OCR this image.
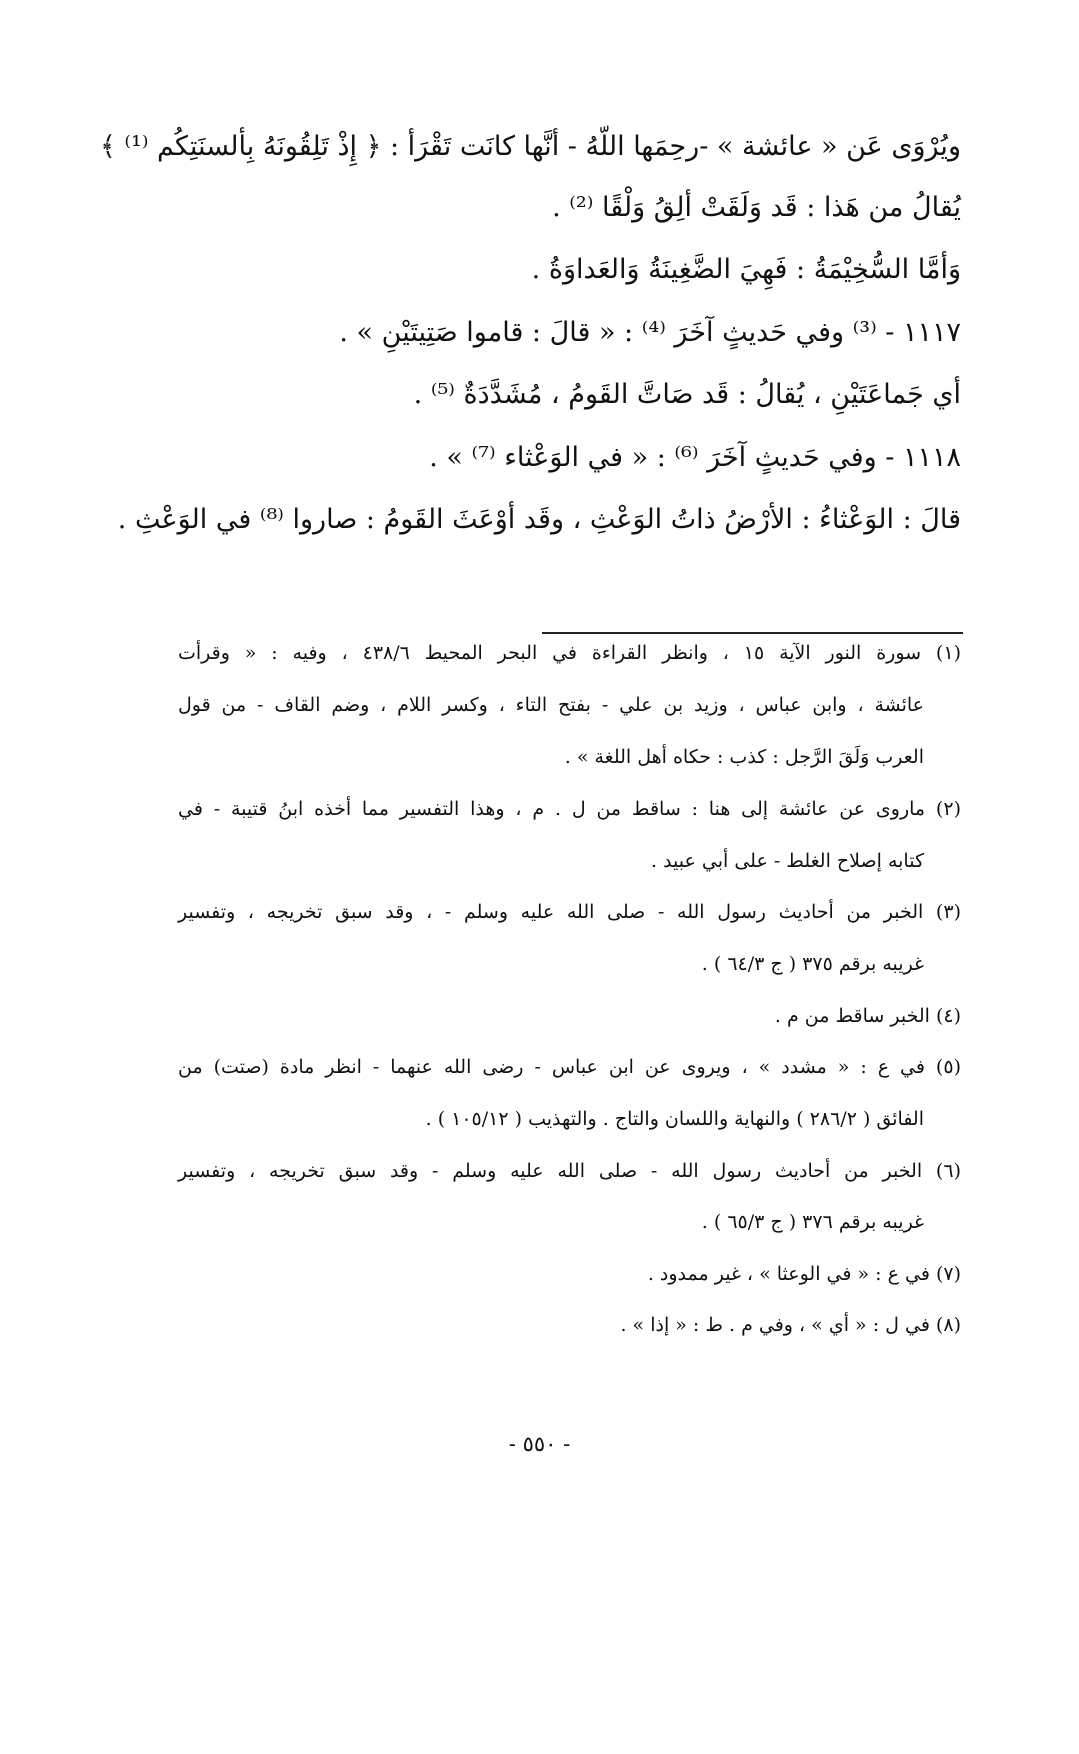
ويُرْوَى عَن « عائشة » -رحِمَها اللّهُ - أنَّها كانَت تَقْرَأ : ﴿ إِذْ تَلِقُونَهُ بِألسنَتِكُم ⁽¹⁾ ﴾
يُقالُ من هَذا : قَد وَلَقَتْ ألِقُ وَلْقًا ⁽²⁾ .
وَأمَّا السُّخِيْمَةُ : فَهِيَ الضَّغِينَةُ وَالعَداوَةُ .
١١١٧ - ⁽³⁾ وفي حَديثٍ آخَرَ ⁽⁴⁾ : « قالَ : قاموا صَتِيتَيْنِ » .
أي جَماعَتَيْنِ ، يُقالُ : قَد صَاتَّ القَومُ ، مُشَدَّدَةٌ ⁽⁵⁾ .
١١١٨ - وفي حَديثٍ آخَرَ ⁽⁶⁾ : « في الوَعْثاء ⁽⁷⁾ » .
قالَ : الوَعْثاءُ : الأرْضُ ذاتُ الوَعْثِ ، وقَد أوْعَثَ القَومُ : صاروا ⁽⁸⁾ في الوَعْثِ .
(١) سورة النور الآية ١٥ ، وانظر القراءة في البحر المحيط ٤٣٨/٦ ، وفيه : « وقرأت
عائشة ، وابن عباس ، وزيد بن علي - بفتح التاء ، وكسر اللام ، وضم القاف - من قول
العرب وَلَقَ الرَّجل : كذب : حكاه أهل اللغة » .
(٢) ماروى عن عائشة إلى هنا : ساقط من ل . م ، وهذا التفسير مما أخذه ابنُ قتيبة - في
كتابه إصلاح الغلط - على أبي عبيد .
(٣) الخبر من أحاديث رسول الله - صلى الله عليه وسلم - ، وقد سبق تخريجه ، وتفسير
غريبه برقم ٣٧٥ ( ج ٦٤/٣ ) .
(٤) الخبر ساقط من م .
(٥) في ع : « مشدد » ، ويروى عن ابن عباس - رضى الله عنهما - انظر مادة (صتت) من
الفائق ( ٢٨٦/٢ ) والنهاية واللسان والتاج . والتهذيب ( ١٠٥/١٢ ) .
(٦) الخبر من أحاديث رسول الله - صلى الله عليه وسلم - وقد سبق تخريجه ، وتفسير
غريبه برقم ٣٧٦ ( ج ٦٥/٣ ) .
(٧) في ع : « في الوعثا » ، غير ممدود .
(٨) في ل : « أي » ، وفي م . ط : « إذا » .
- ٥٥٠ -
